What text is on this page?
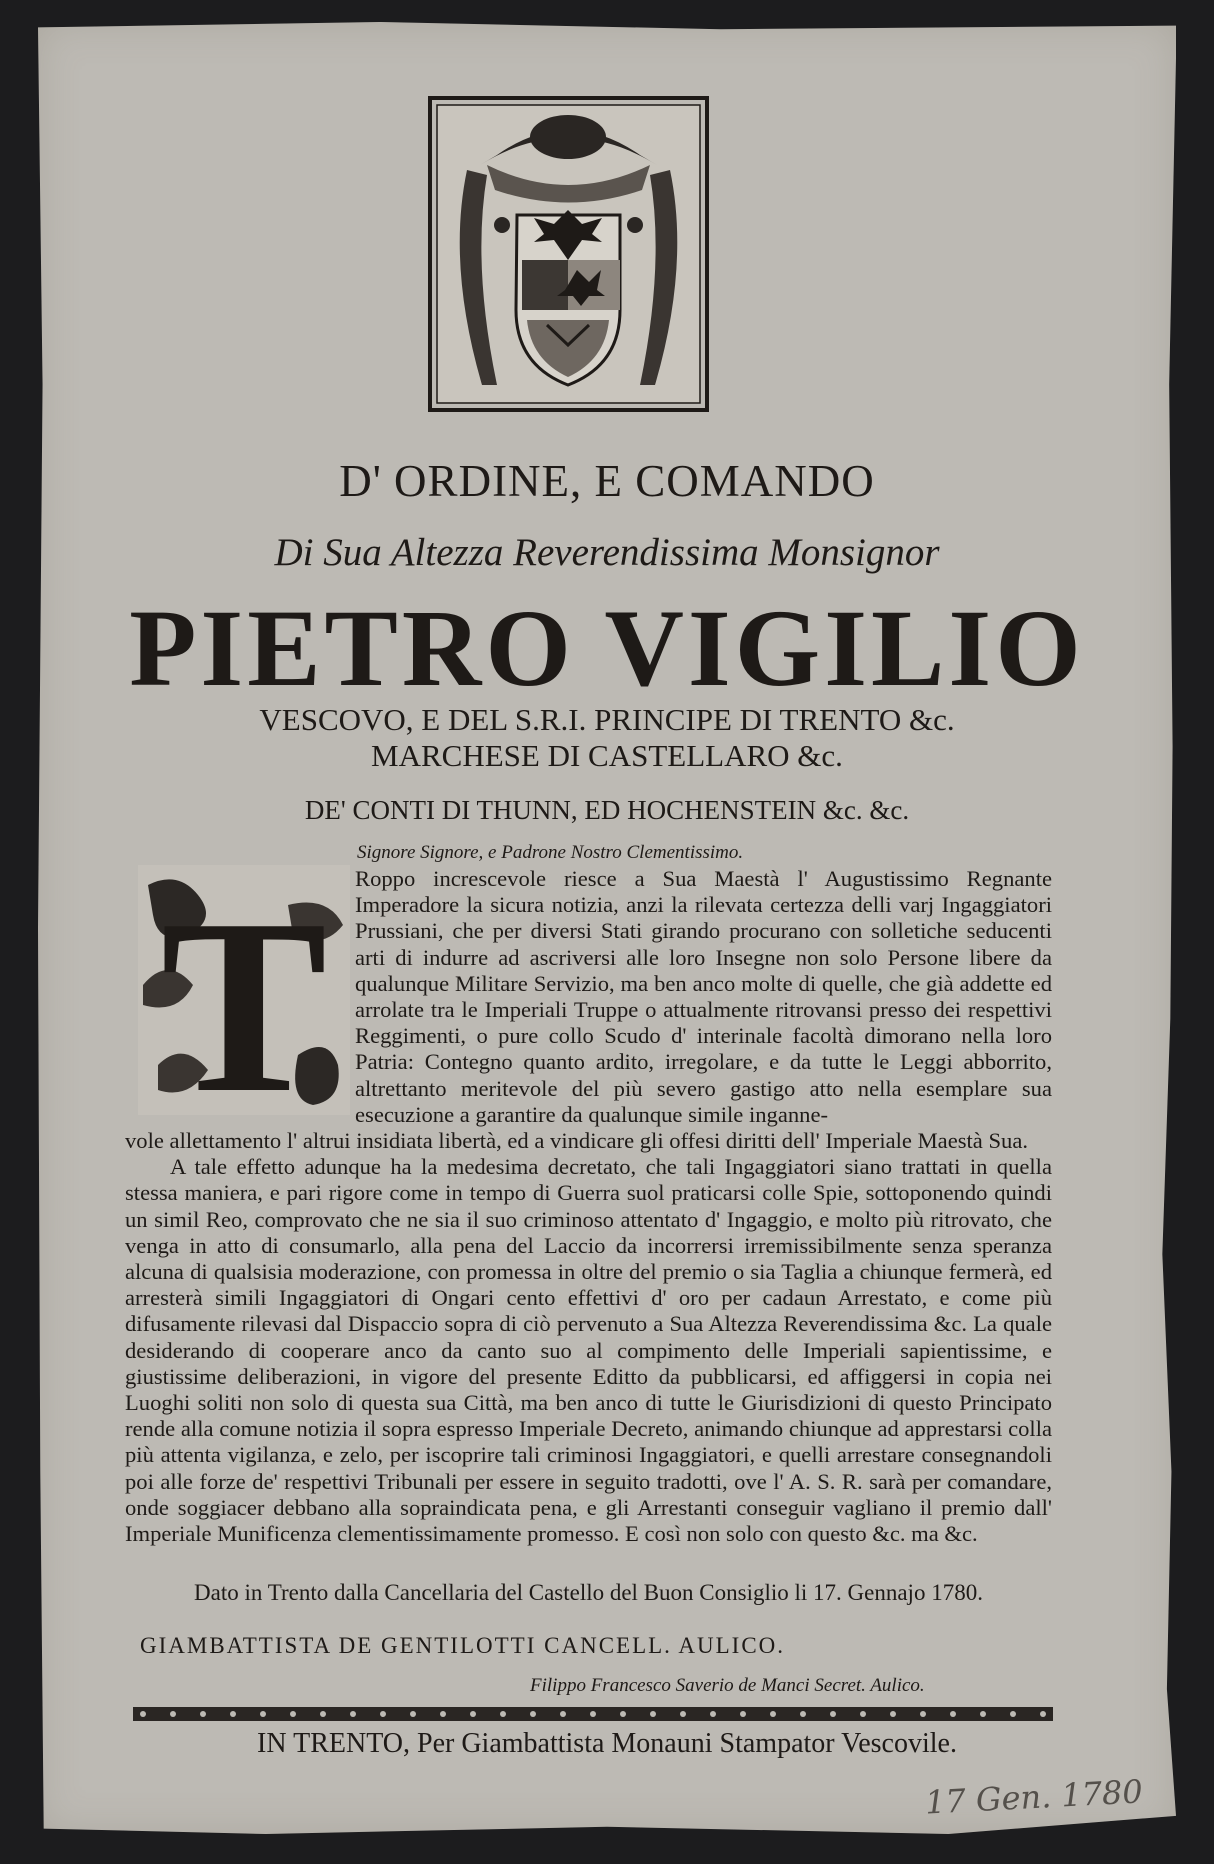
D' ORDINE, E COMANDO
Di Sua Altezza Reverendissima Monsignor
PIETRO VIGILIO
VESCOVO, E DEL S.R.I. PRINCIPE DI TRENTO &c.
MARCHESE DI CASTELLARO &c.
DE' CONTI DI THUNN, ED HOCHENSTEIN &c. &c.
Signore Signore, e Padrone Nostro Clementissimo.
T	Roppo increscevole riesce a Sua Maestà l' Augustissimo Regnante Imperadore la sicura notizia, anzi la rilevata certezza delli varj Ingaggiatori Prussiani, che per diversi Stati girando procurano con solletiche seducenti arti di indurre ad ascriversi alle loro Insegne non solo Persone libere da qualunque Militare Servizio, ma ben anco molte di quelle, che già addette ed arrolate tra le Imperiali Truppe o attualmente ritrovansi presso dei respettivi Reggimenti, o pure collo Scudo d' interinale facoltà dimorano nella loro Patria: Contegno quanto ardito, irregolare, e da tutte le Leggi abborrito, altrettanto meritevole del più severo gastigo atto nella esemplare sua esecuzione a garantire da qualunque simile inganne-

vole allettamento l' altrui insidiata libertà, ed a vindicare gli offesi diritti dell' Imperiale Maestà Sua.

A tale effetto adunque ha la medesima decretato, che tali Ingaggiatori siano trattati in quella stessa maniera, e pari rigore come in tempo di Guerra suol praticarsi colle Spie, sottoponendo quindi un simil Reo, comprovato che ne sia il suo criminoso attentato d' Ingaggio, e molto più ritrovato, che venga in atto di consumarlo, alla pena del Laccio da incorrersi irremissibilmente senza speranza alcuna di qualsisia moderazione, con promessa in oltre del premio o sia Taglia a chiunque fermerà, ed arresterà simili Ingaggiatori di Ongari cento effettivi d' oro per cadaun Arrestato, e come più difusamente rilevasi dal Dispaccio sopra di ciò pervenuto a Sua Altezza Reverendissima &c. La quale desiderando di cooperare anco da canto suo al compimento delle Imperiali sapientissime, e giustissime deliberazioni, in vigore del presente Editto da pubblicarsi, ed affiggersi in copia nei Luoghi soliti non solo di questa sua Città, ma ben anco di tutte le Giurisdizioni di questo Principato rende alla comune notizia il sopra espresso Imperiale Decreto, animando chiunque ad apprestarsi colla più attenta vigilanza, e zelo, per iscoprire tali criminosi Ingaggiatori, e quelli arrestare consegnandoli poi alle forze de' respettivi Tribunali per essere in seguito tradotti, ove l' A. S. R. sarà per comandare, onde soggiacer debbano alla sopraindicata pena, e gli Arrestanti conseguir vagliano il premio dall' Imperiale Munificenza clementissimamente promesso. E così non solo con questo &c. ma &c.

Dato in Trento dalla Cancellaria del Castello del Buon Consiglio li 17. Gennajo 1780.
GIAMBATTISTA DE GENTILOTTI CANCELL. AULICO.
Filippo Francesco Saverio de Manci Secret. Aulico.
IN TRENTO, Per Giambattista Monauni Stampator Vescovile.
17 Gen. 1780
